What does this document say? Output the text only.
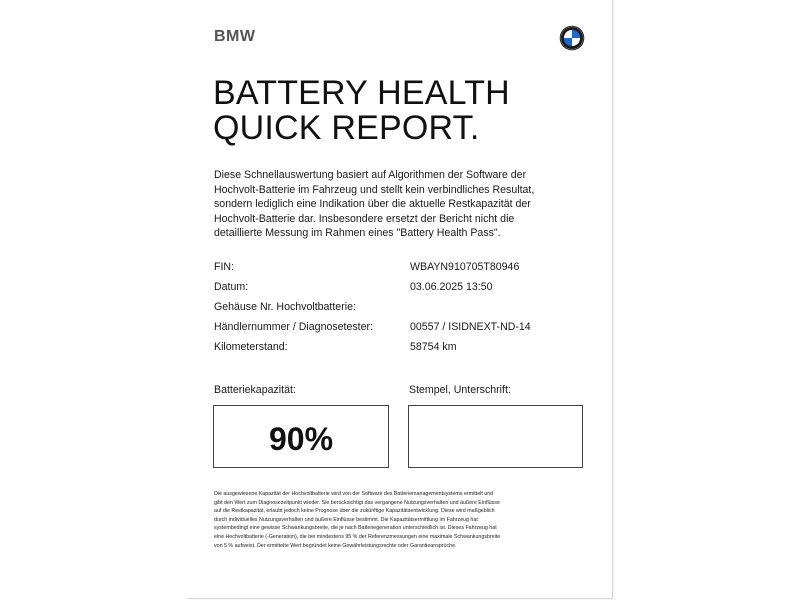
BMW
BATTERY HEALTH
QUICK REPORT.

Diese Schnellauswertung basiert auf Algorithmen der Software der
Hochvolt-Batterie im Fahrzeug und stellt kein verbindliches Resultat,
sondern lediglich eine Indikation über die aktuelle Restkapazität der
Hochvolt-Batterie dar. Insbesondere ersetzt der Bericht nicht die
detaillierte Messung im Rahmen eines "Battery Health Pass".

FIN:	WBAYN910705T80946
Datum:	03.06.2025 13:50
Gehäuse Nr. Hochvoltbatterie:
Händlernummer / Diagnosetester:	00557 / ISIDNEXT-ND-14
Kilometerstand:	58754 km
Batteriekapazität:	Stempel, Unterschrift:
90%
Die ausgewiesene Kapazität der Hochvoltbatterie wird von der Software des Batteriemanagementsystems ermittelt und
gibt den Wert zum Diagnosezeitpunkt wieder. Sie berücksichtigt das vergangene Nutzungsverhalten und äußere Einflüsse
auf die Restkapazität, erlaubt jedoch keine Prognose über die zukünftige Kapazitätsentwicklung. Diese wird maßgeblich
durch individuelles Nutzungsverhalten und äußere Einflüsse bestimmt. Die Kapazitätsermittlung im Fahrzeug hat
systembedingt eine gewisse Schwankungsbreite, die je nach Batteriegeneration unterschiedlich ist. Dieses Fahrzeug hat
eine Hochvoltbatterie (-Generation), die bei mindestens 95 % der Referenzmessungen eine maximale Schwankungsbreite
von 5 % aufweist. Der ermittelte Wert begründet keine Gewährleistungsrechte oder Garantieansprüche.
